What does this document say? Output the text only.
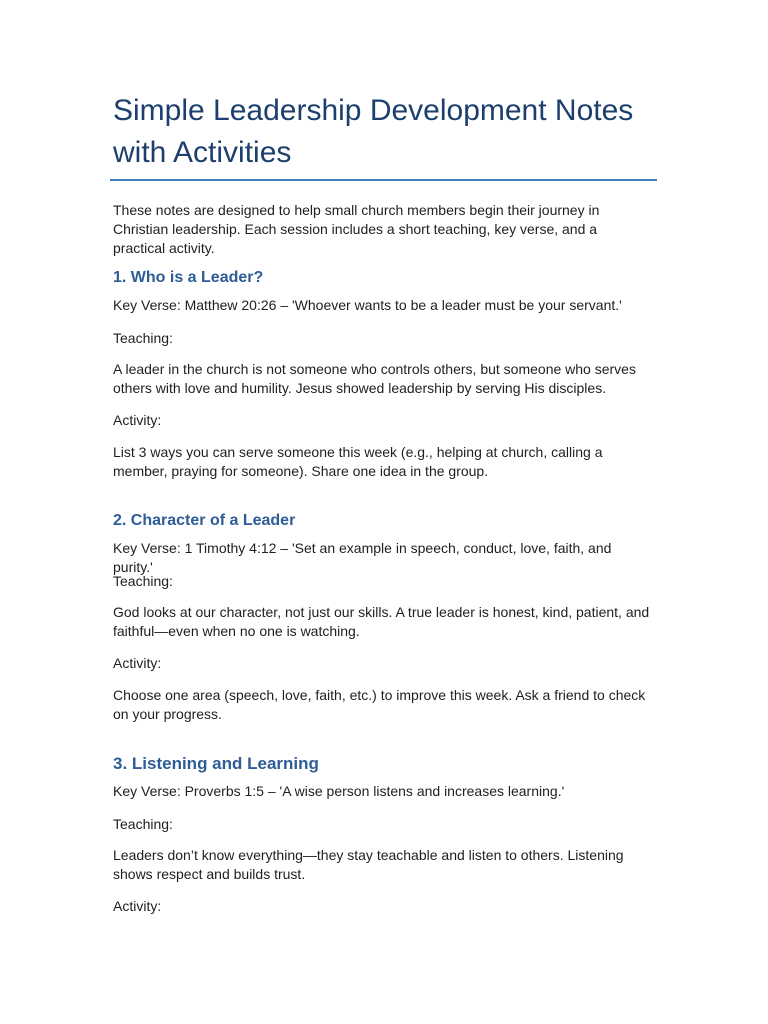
Simple Leadership Development Notes with Activities

These notes are designed to help small church members begin their journey in Christian leadership. Each session includes a short teaching, key verse, and a practical activity.

1. Who is a Leader?

Key Verse: Matthew 20:26 – 'Whoever wants to be a leader must be your servant.'

Teaching:

A leader in the church is not someone who controls others, but someone who serves others with love and humility. Jesus showed leadership by serving His disciples.

Activity:

List 3 ways you can serve someone this week (e.g., helping at church, calling a member, praying for someone). Share one idea in the group.

2. Character of a Leader

Key Verse: 1 Timothy 4:12 – 'Set an example in speech, conduct, love, faith, and purity.'

Teaching:

God looks at our character, not just our skills. A true leader is honest, kind, patient, and faithful—even when no one is watching.

Activity:

Choose one area (speech, love, faith, etc.) to improve this week. Ask a friend to check on your progress.

3. Listening and Learning

Key Verse: Proverbs 1:5 – 'A wise person listens and increases learning.'

Teaching:

Leaders don’t know everything—they stay teachable and listen to others. Listening shows respect and builds trust.

Activity:
